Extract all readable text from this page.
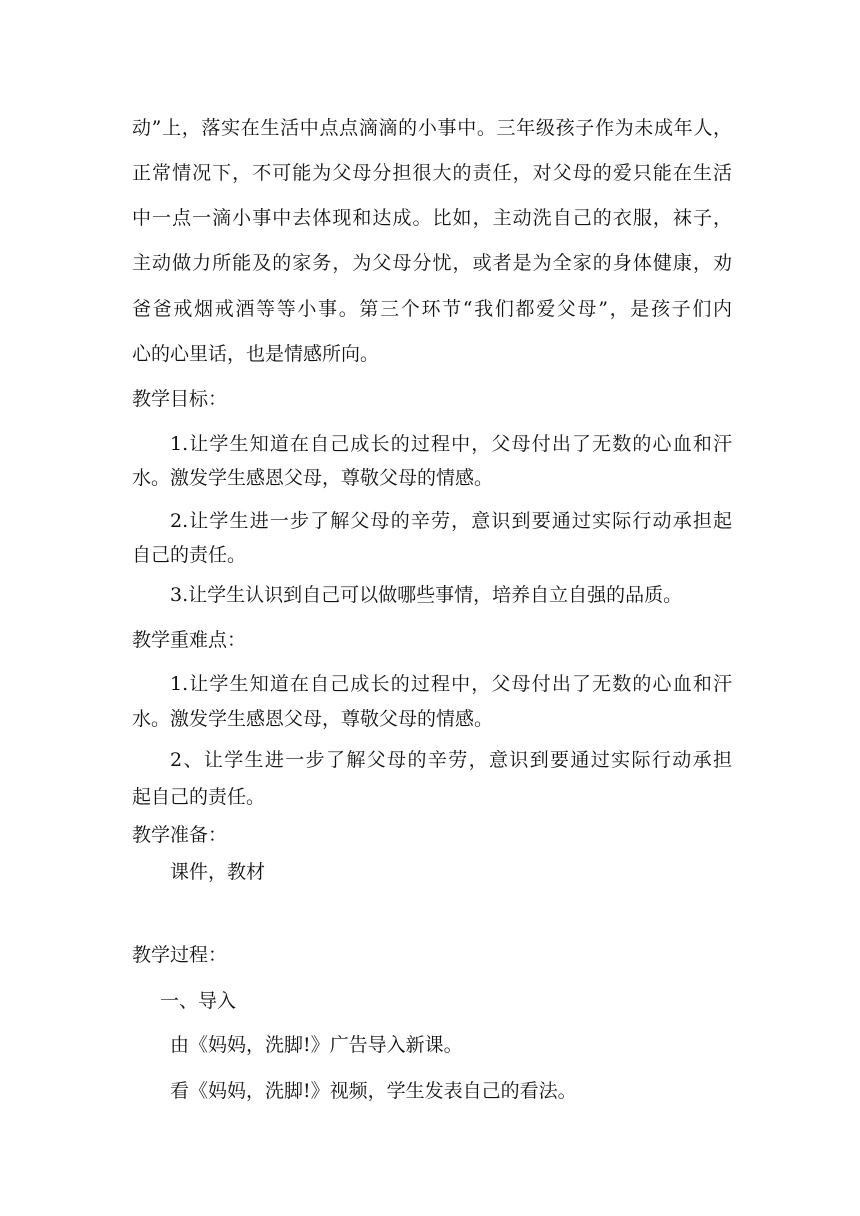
动”上，落实在生活中点点滴滴的小事中。三年级孩子作为未成年人，
正常情况下，不可能为父母分担很大的责任，对父母的爱只能在生活
中一点一滴小事中去体现和达成。比如，主动洗自己的衣服，袜子，
主动做力所能及的家务，为父母分忧，或者是为全家的身体健康，劝
爸爸戒烟戒酒等等小事。第三个环节“我们都爱父母”，是孩子们内
心的心里话，也是情感所向。
教学目标：
1.让学生知道在自己成长的过程中，父母付出了无数的心血和汗
水。激发学生感恩父母，尊敬父母的情感。
2.让学生进一步了解父母的辛劳，意识到要通过实际行动承担起
自己的责任。
3.让学生认识到自己可以做哪些事情，培养自立自强的品质。
教学重难点：
1.让学生知道在自己成长的过程中，父母付出了无数的心血和汗
水。激发学生感恩父母，尊敬父母的情感。
2、让学生进一步了解父母的辛劳，意识到要通过实际行动承担
起自己的责任。
教学准备：
课件，教材
教学过程：
一、导入
由《妈妈，洗脚!》广告导入新课。
看《妈妈，洗脚!》视频，学生发表自己的看法。
